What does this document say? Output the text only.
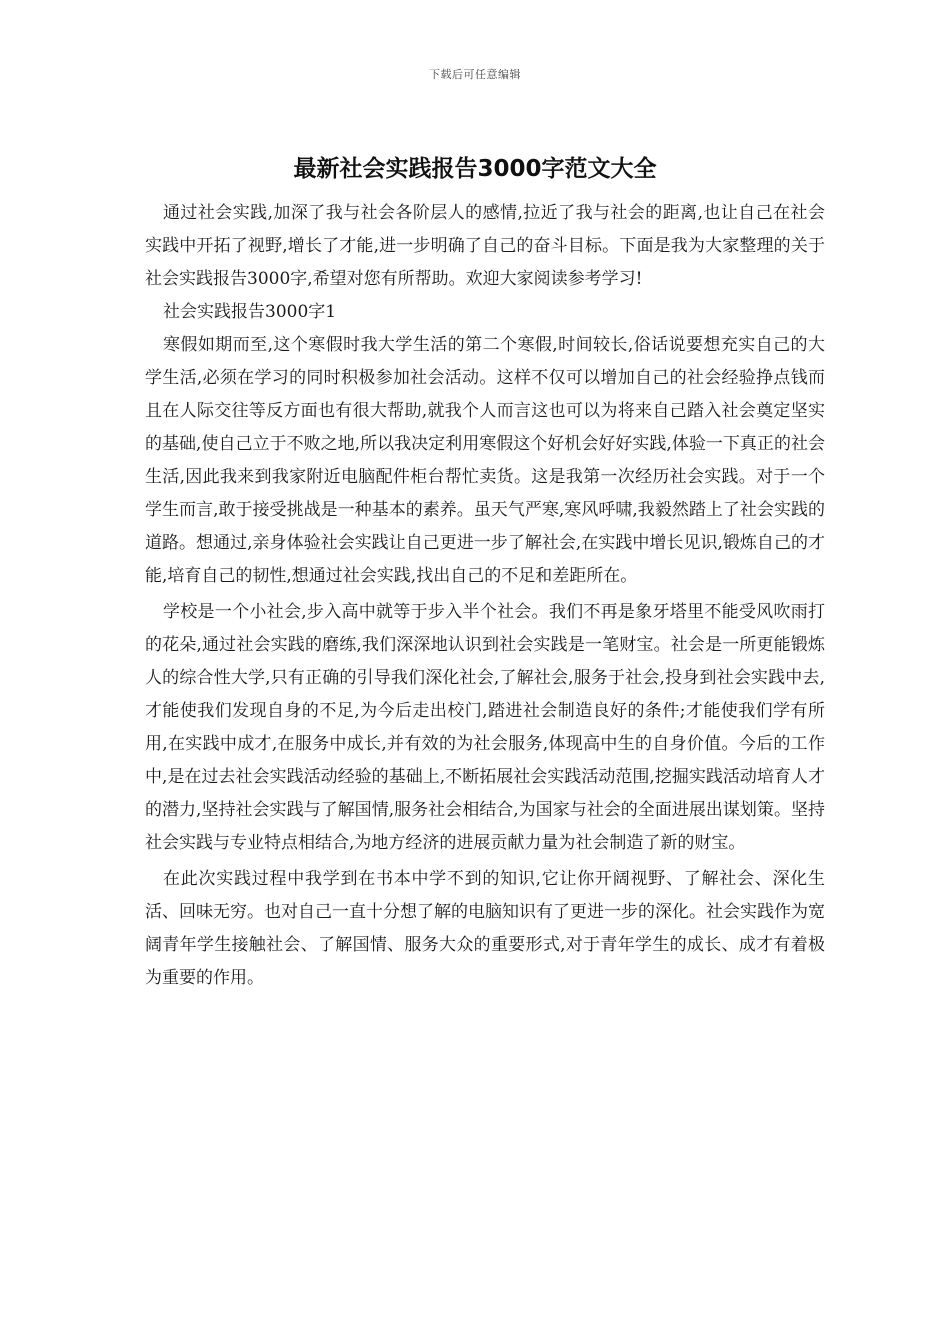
下载后可任意编辑
最新社会实践报告3000字范文大全

通过社会实践,加深了我与社会各阶层人的感情,拉近了我与社会的距离,也让自己在社会实践中开拓了视野,增长了才能,进一步明确了自己的奋斗目标。下面是我为大家整理的关于社会实践报告3000字,希望对您有所帮助。欢迎大家阅读参考学习!

社会实践报告3000字1

寒假如期而至,这个寒假时我大学生活的第二个寒假,时间较长,俗话说要想充实自己的大学生活,必须在学习的同时积极参加社会活动。这样不仅可以增加自己的社会经验挣点钱而且在人际交往等反方面也有很大帮助,就我个人而言这也可以为将来自己踏入社会奠定坚实的基础,使自己立于不败之地,所以我决定利用寒假这个好机会好好实践,体验一下真正的社会生活,因此我来到我家附近电脑配件柜台帮忙卖货。这是我第一次经历社会实践。对于一个学生而言,敢于接受挑战是一种基本的素养。虽天气严寒,寒风呼啸,我毅然踏上了社会实践的道路。想通过,亲身体验社会实践让自己更进一步了解社会,在实践中增长见识,锻炼自己的才能,培育自己的韧性,想通过社会实践,找出自己的不足和差距所在。

学校是一个小社会,步入高中就等于步入半个社会。我们不再是象牙塔里不能受风吹雨打的花朵,通过社会实践的磨练,我们深深地认识到社会实践是一笔财宝。社会是一所更能锻炼人的综合性大学,只有正确的引导我们深化社会,了解社会,服务于社会,投身到社会实践中去,才能使我们发现自身的不足,为今后走出校门,踏进社会制造良好的条件;才能使我们学有所用,在实践中成才,在服务中成长,并有效的为社会服务,体现高中生的自身价值。今后的工作中,是在过去社会实践活动经验的基础上,不断拓展社会实践活动范围,挖掘实践活动培育人才的潜力,坚持社会实践与了解国情,服务社会相结合,为国家与社会的全面进展出谋划策。坚持社会实践与专业特点相结合,为地方经济的进展贡献力量为社会制造了新的财宝。

在此次实践过程中我学到在书本中学不到的知识,它让你开阔视野、了解社会、深化生活、回味无穷。也对自己一直十分想了解的电脑知识有了更进一步的深化。社会实践作为宽阔青年学生接触社会、了解国情、服务大众的重要形式,对于青年学生的成长、成才有着极为重要的作用。
